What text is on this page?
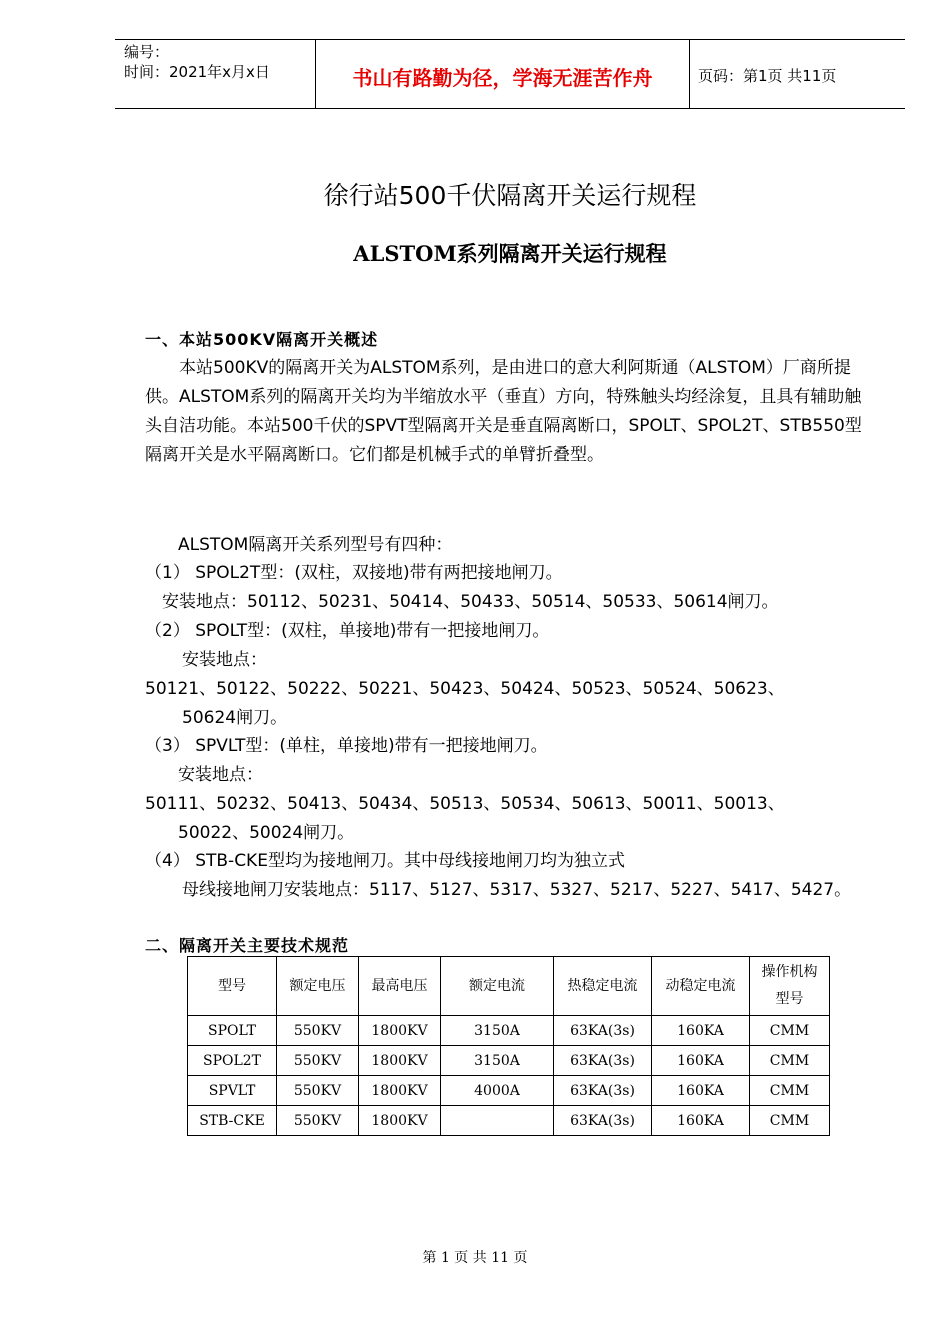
编号：
时间：2021年x月x日	书山有路勤为径，学海无涯苦作舟	页码：第1页 共11页
徐行站500千伏隔离开关运行规程
ALSTOM系列隔离开关运行规程
一、本站500KV隔离开关概述
　　本站500KV的隔离开关为ALSTOM系列，是由进口的意大利阿斯通（ALSTOM）厂商所提供。ALSTOM系列的隔离开关均为半缩放水平（垂直）方向，特殊触头均经涂复，且具有辅助触头自洁功能。本站500千伏的SPVT型隔离开关是垂直隔离断口，SPOLT、SPOL2T、STB550型隔离开关是水平隔离断口。它们都是机械手式的单臂折叠型。
ALSTOM隔离开关系列型号有四种：
（1） SPOL2T型：(双柱，双接地)带有两把接地闸刀。
安装地点：50112、50231、50414、50433、50514、50533、50614闸刀。
（2） SPOLT型：(双柱，单接地)带有一把接地闸刀。
安装地点：
50121、50122、50222、50221、50423、50424、50523、50524、50623、
50624闸刀。
（3） SPVLT型：(单柱，单接地)带有一把接地闸刀。
安装地点：
50111、50232、50413、50434、50513、50534、50613、50011、50013、
50022、50024闸刀。
（4） STB-CKE型均为接地闸刀。其中母线接地闸刀均为独立式
母线接地闸刀安装地点：5117、5127、5317、5327、5217、5227、5417、5427。
二、隔离开关主要技术规范
型号	额定电压	最高电压	额定电流	热稳定电流	动稳定电流	操作机构型号
SPOLT	550KV	1800KV	3150A	63KA(3s)	160KA	CMM
SPOL2T	550KV	1800KV	3150A	63KA(3s)	160KA	CMM
SPVLT	550KV	1800KV	4000A	63KA(3s)	160KA	CMM
STB-CKE	550KV	1800KV		63KA(3s)	160KA	CMM
第 1 页 共 11 页
